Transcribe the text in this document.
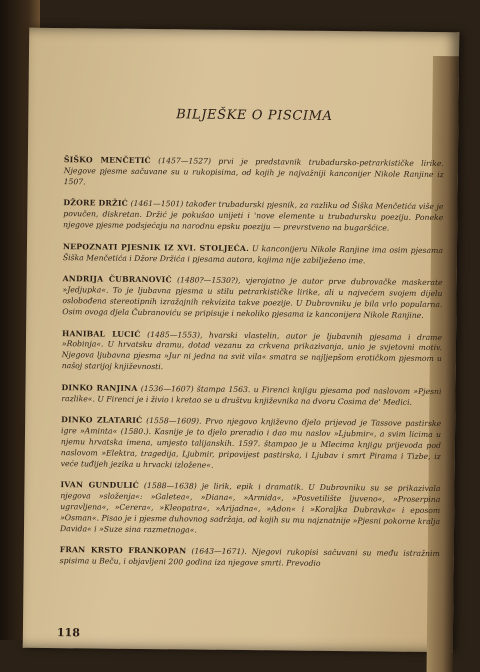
BILJEŠKE O PISCIMA

ŠIŠKO MENČETIĆ (1457—1527) prvi je predstavnik trubadursko-petrarkističke lirike. Njegove pjesme sačuvane su u rukopisima, od kojih je najvažniji kanconijer Nikole Ranjine iz 1507.

DŽORE DRŽIĆ (1461—1501) također trubadurski pjesnik, za razliku od Šiška Menčetića više je povučen, diskretan. Držić je pokušao unijeti i 'nove elemente u trubadursku poeziju. Poneke njegove pjesme podsjećaju na narodnu epsku poeziju — prevrstveno na bugaršćice.

NEPOZNATI PJESNIK IZ XVI. STOLJEĆA. U kanconijeru Nikole Ranjine ima osim pjesama Šiška Menčetića i Džore Držića i pjesama autora, kojima nije zabilježeno ime.

ANDRIJA ČUBRANOVIĆ (1480?—1530?), vjerojatno je autor prve dubrovačke maskerate »Jedjupka«. To je ljubavna pjesma u stilu petrarkističke lirike, ali u najvećem svojem dijelu oslobođena stereotipnih izražajnih rekvizita takve poezije. U Dubrovniku je bila vrlo popularna. Osim ovoga djela Čubranoviću se pripisuje i nekoliko pjesama iz kanconijera Nikole Ranjine.

HANIBAL LUCIĆ (1485—1553), hvarski vlastelin, autor je ljubavnih pjesama i drame »Robinja«. U hrvatsku dramu, dotad vezanu za crkvena prikazivanja, unio je svjetovni motiv. Njegova ljubavna pjesma »Jur ni jedna na svit vila« smatra se najljepšom erotičkom pjesmom u našoj starijoj književnosti.

DINKO RANJINA (1536—1607) štampa 1563. u Firenci knjigu pjesama pod naslovom »Pjesni razlike«. U Firenci je i živio i kretao se u društvu književnika na dvoru Cosima de' Medici.

DINKO ZLATARIĆ (1558—1609). Prvo njegovo književno djelo prijevod je Tassove pastirske igre »Aminta« (1580.). Kasnije je to djelo preradio i dao mu naslov »Ljubmir«, a svim licima u njemu hrvatska imena, umjesto talijanskih. 1597. štampao je u Mlecima knjigu prijevoda pod naslovom »Elektra, tragedija, Ljubmir, pripovijest pastirska, i Ljubav i smrt Pirama i Tizbe, iz veće tuđijeh jezika u hrvacki izložene«.

IVAN GUNDULIĆ (1588—1638) je lirik, epik i dramatik. U Dubrovniku su se prikazivala njegova »složenja«: »Galetea«, »Diana«, »Armida«, »Posvetilište ljuveno«, »Proserpina ugravljena«, »Cerera«, »Kleopatra«, »Arijadna«, »Adon« i »Koraljka Dubravka« i eposom »Osman«. Pisao je i pjesme duhovnog sadržaja, od kojih su mu najznatnije »Pjesni pokorne kralja Davida« i »Suze sina razmetnoga«.

FRAN KRSTO FRANKOPAN (1643—1671). Njegovi rukopisi sačuvani su među istražnim spisima u Beču, i objavljeni 200 godina iza njegove smrti. Prevodio

118
